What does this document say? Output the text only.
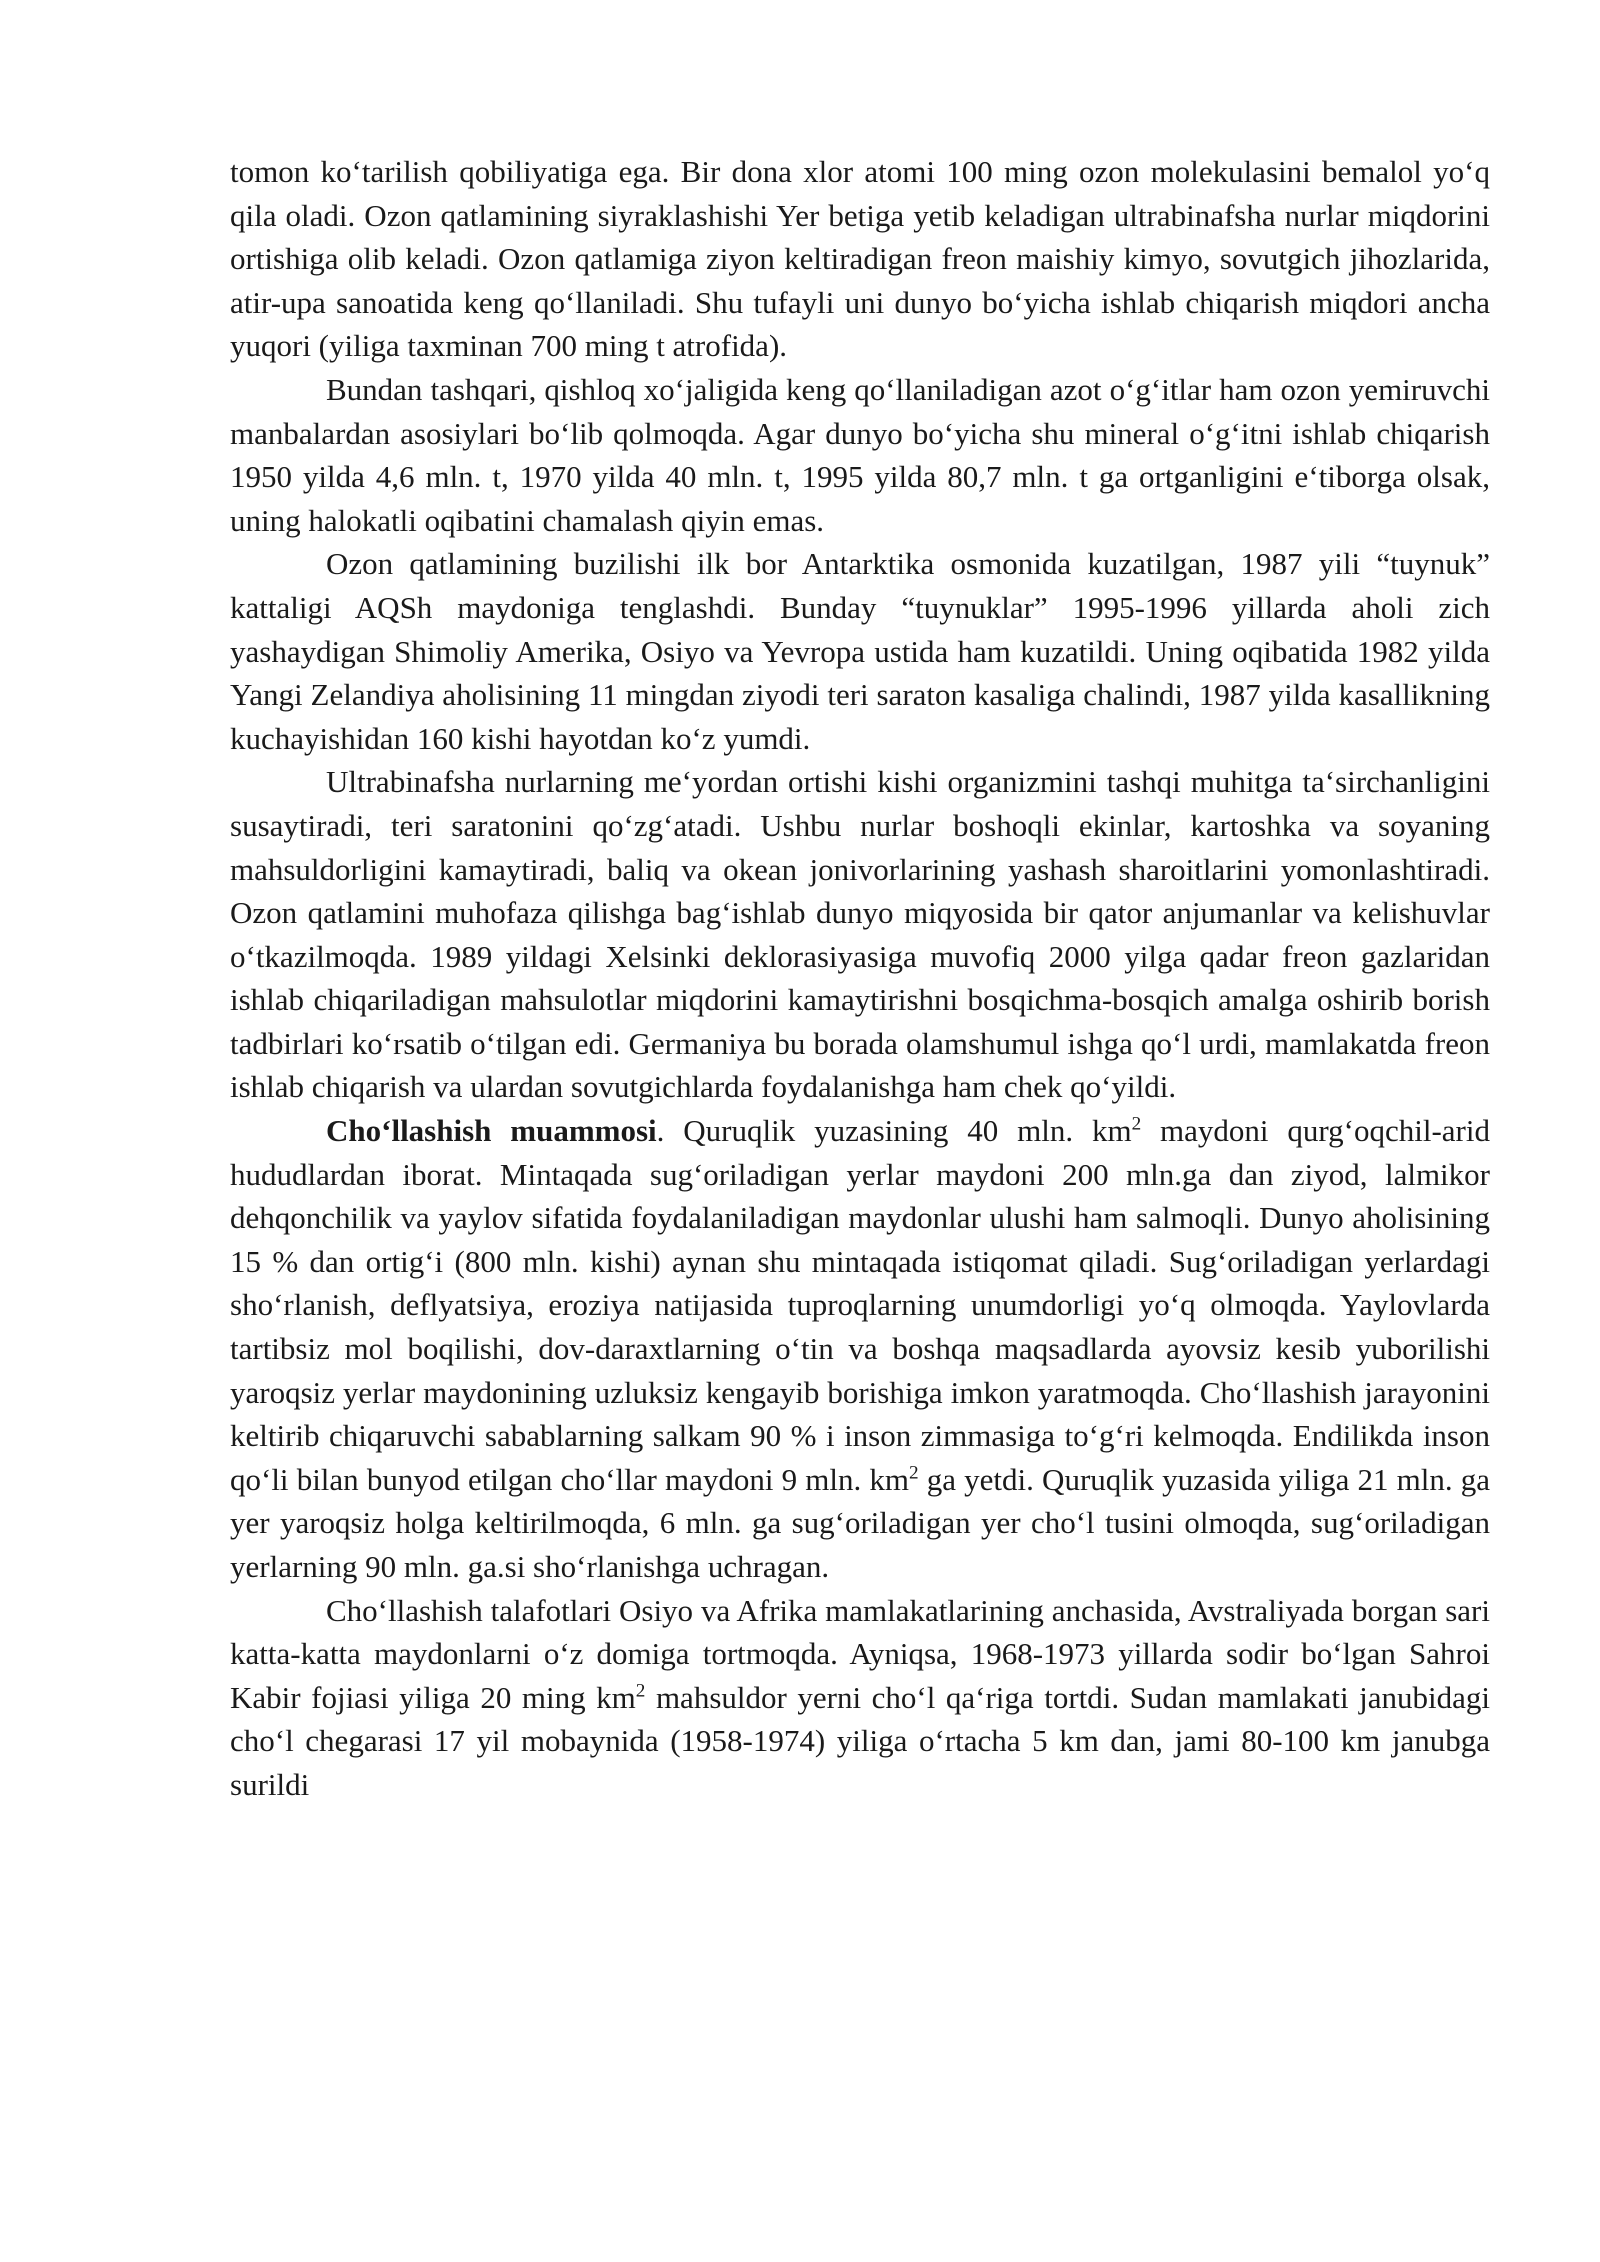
tomon ko‘tarilish qobiliyatiga ega. Bir dona xlor atomi 100 ming ozon molekulasini bemalol yo‘q qila oladi. Ozon qatlamining siyraklashishi Yer betiga yetib keladigan ultrabinafsha nurlar miqdorini ortishiga olib keladi. Ozon qatlamiga ziyon keltiradigan freon maishiy kimyo, sovutgich jihozlarida, atir-upa sanoatida keng qo‘llaniladi. Shu tufayli uni dunyo bo‘yicha ishlab chiqarish miqdori ancha yuqori (yiliga taxminan 700 ming t atrofida).

Bundan tashqari, qishloq xo‘jaligida keng qo‘llaniladigan azot o‘g‘itlar ham ozon yemiruvchi manbalardan asosiylari bo‘lib qolmoqda. Agar dunyo bo‘yicha shu mineral o‘g‘itni ishlab chiqarish 1950 yilda 4,6 mln. t, 1970 yilda 40 mln. t, 1995 yilda 80,7 mln. t ga ortganligini e‘tiborga olsak, uning halokatli oqibatini chamalash qiyin emas.

Ozon qatlamining buzilishi ilk bor Antarktika osmonida kuzatilgan, 1987 yili “tuynuk” kattaligi AQSh maydoniga tenglashdi. Bunday “tuynuklar” 1995-1996 yillarda aholi zich yashaydigan Shimoliy Amerika, Osiyo va Yevropa ustida ham kuzatildi. Uning oqibatida 1982 yilda Yangi Zelandiya aholisining 11 mingdan ziyodi teri saraton kasaliga chalindi, 1987 yilda kasallikning kuchayishidan 160 kishi hayotdan ko‘z yumdi.

Ultrabinafsha nurlarning me‘yordan ortishi kishi organizmini tashqi muhitga ta‘sirchanligini susaytiradi, teri saratonini qo‘zg‘atadi. Ushbu nurlar boshoqli ekinlar, kartoshka va soyaning mahsuldorligini kamaytiradi, baliq va okean jonivorlarining yashash sharoitlarini yomonlashtiradi. Ozon qatlamini muhofaza qilishga bag‘ishlab dunyo miqyosida bir qator anjumanlar va kelishuvlar o‘tkazilmoqda. 1989 yildagi Xelsinki deklorasiyasiga muvofiq 2000 yilga qadar freon gazlaridan ishlab chiqariladigan mahsulotlar miqdorini kamaytirishni bosqichma-bosqich amalga oshirib borish tadbirlari ko‘rsatib o‘tilgan edi. Germaniya bu borada olamshumul ishga qo‘l urdi, mamlakatda freon ishlab chiqarish va ulardan sovutgichlarda foydalanishga ham chek qo‘yildi.

Cho‘llashish muammosi. Quruqlik yuzasining 40 mln. $km^2$ maydoni qurg‘oqchil-arid hududlardan iborat. Mintaqada sug‘oriladigan yerlar maydoni 200 mln.ga dan ziyod, lalmikor dehqonchilik va yaylov sifatida foydalaniladigan maydonlar ulushi ham salmoqli. Dunyo aholisining 15 % dan ortig‘i (800 mln. kishi) aynan shu mintaqada istiqomat qiladi. Sug‘oriladigan yerlardagi sho‘rlanish, deflyatsiya, eroziya natijasida tuproqlarning unumdorligi yo‘q olmoqda. Yaylovlarda tartibsiz mol boqilishi, dov-daraxtlarning o‘tin va boshqa maqsadlarda ayovsiz kesib yuborilishi yaroqsiz yerlar maydonining uzluksiz kengayib borishiga imkon yaratmoqda. Cho‘llashish jarayonini keltirib chiqaruvchi sabablarning salkam 90 % i inson zimmasiga to‘g‘ri kelmoqda. Endilikda inson qo‘li bilan bunyod etilgan cho‘llar maydoni 9 mln. $km^2$ ga yetdi. Quruqlik yuzasida yiliga 21 mln. ga yer yaroqsiz holga keltirilmoqda, 6 mln. ga sug‘oriladigan yer cho‘l tusini olmoqda, sug‘oriladigan yerlarning 90 mln. ga.si sho‘rlanishga uchragan.

Cho‘llashish talafotlari Osiyo va Afrika mamlakatlarining anchasida, Avstraliyada borgan sari katta-katta maydonlarni o‘z domiga tortmoqda. Ayniqsa, 1968-1973 yillarda sodir bo‘lgan Sahroi Kabir fojiasi yiliga 20 ming $km^2$ mahsuldor yerni cho‘l qa‘riga tortdi. Sudan mamlakati janubidagi cho‘l chegarasi 17 yil mobaynida (1958-1974) yiliga o‘rtacha 5 km dan, jami 80-100 km janubga surildi
